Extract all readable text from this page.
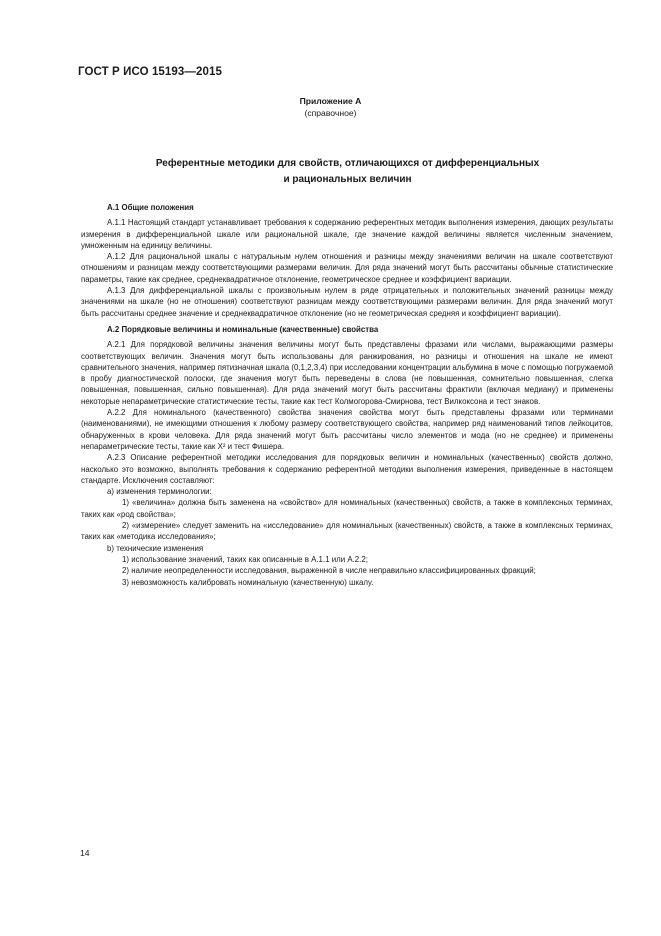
ГОСТ Р ИСО 15193—2015
Приложение А
(справочное)
Референтные методики для свойств, отличающихся от дифференциальных
и рациональных величин

А.1 Общие положения

А.1.1 Настоящий стандарт устанавливает требования к содержанию референтных методик выполнения измерения, дающих результаты измерения в дифференциальной шкале или рациональной шкале, где значение каждой величины является численным значением, умноженным на единицу величины.

А.1.2 Для рациональной шкалы с натуральным нулем отношения и разницы между значениями величин на шкале соответствуют отношениям и разницам между соответствующими размерами величин. Для ряда значений могут быть рассчитаны обычные статистические параметры, такие как среднее, среднеквадратичное отклонение, геометрическое среднее и коэффициент вариации.

А.1.3 Для дифференциальной шкалы с произвольным нулем в ряде отрицательных и положительных значений разницы между значениями на шкале (но не отношения) соответствуют разницам между соответствующими размерами величин. Для ряда значений могут быть рассчитаны среднее значение и среднеквадратичное отклонение (но не геометрическая средняя и коэффициент вариации).

А.2 Порядковые величины и номинальные (качественные) свойства

А.2.1 Для порядковой величины значения величины могут быть представлены фразами или числами, выражающими размеры соответствующих величин. Значения могут быть использованы для ранжирования, но разницы и отношения на шкале не имеют сравнительного значения, например пятизначная шкала (0,1,2,3,4) при исследовании концентрации альбумина в моче с помощью погружаемой в пробу диагностической полоски, где значения могут быть переведены в слова (не повышенная, сомнительно повышенная, слегка повышенная, повышенная, сильно повышенная). Для ряда значений могут быть рассчитаны фрактили (включая медиану) и применены некоторые непараметрические статистические тесты, такие как тест Колмогорова-Смирнова, тест Вилкоксона и тест знаков.

А.2.2 Для номинального (качественного) свойства значения свойства могут быть представлены фразами или терминами (наименованиями), не имеющими отношения к любому размеру соответствующего свойства, например ряд наименований типов лейкоцитов, обнаруженных в крови человека. Для ряда значений могут быть рассчитаны число элементов и мода (но не среднее) и применены непараметрические тесты, такие как X² и тест Фишера.

А.2.3 Описание референтной методики исследования для порядковых величин и номинальных (качественных) свойств должно, насколько это возможно, выполнять требования к содержанию референтной методики выполнения измерения, приведенные в настоящем стандарте. Исключения составляют:

а) изменения терминологии:

1) «величина» должна быть заменена на «свойство» для номинальных (качественных) свойств, а также в комплексных терминах, таких как «род свойства»;

2) «измерение» следует заменить на «исследование» для номинальных (качественных) свойств, а также в комплексных терминах, таких как «методика исследования»;

b) технические изменения

1) использование значений, таких как описанные в А.1.1 или А.2.2;

2) наличие неопределенности исследования, выраженной в числе неправильно классифицированных фракций;

3) невозможность калибровать номинальную (качественную) шкалу.

14
